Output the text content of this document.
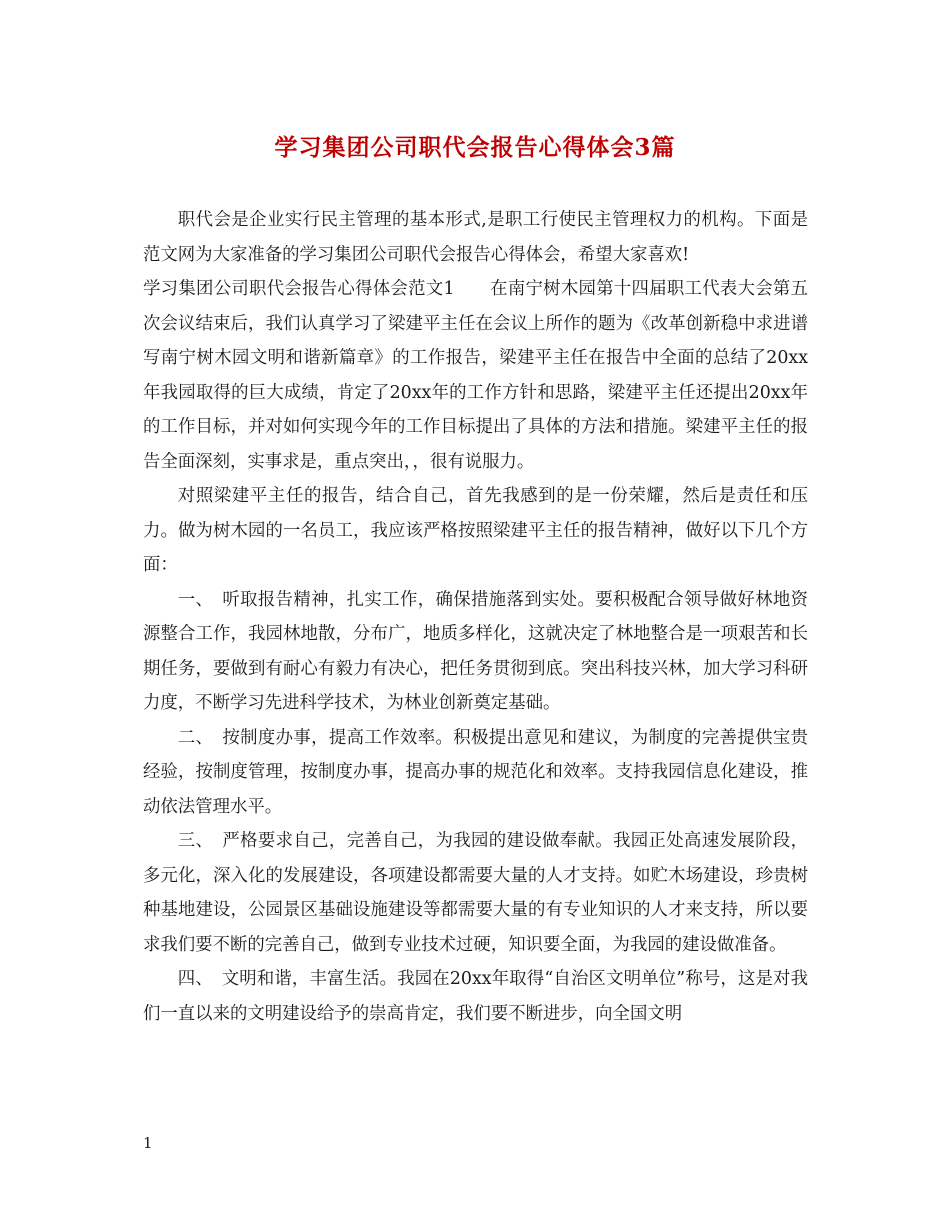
学习集团公司职代会报告心得体会3篇

职代会是企业实行民主管理的基本形式,是职工行使民主管理权力的机构。下面是范文网为大家准备的学习集团公司职代会报告心得体会，希望大家喜欢!

学习集团公司职代会报告心得体会范文1　　在南宁树木园第十四届职工代表大会第五次会议结束后，我们认真学习了梁建平主任在会议上所作的题为《改革创新稳中求进谱写南宁树木园文明和谐新篇章》的工作报告，梁建平主任在报告中全面的总结了20xx年我园取得的巨大成绩，肯定了20xx年的工作方针和思路，梁建平主任还提出20xx年的工作目标，并对如何实现今年的工作目标提出了具体的方法和措施。梁建平主任的报告全面深刻，实事求是，重点突出，，很有说服力。

对照梁建平主任的报告，结合自己，首先我感到的是一份荣耀，然后是责任和压力。做为树木园的一名员工，我应该严格按照梁建平主任的报告精神，做好以下几个方面：

一、　听取报告精神，扎实工作，确保措施落到实处。要积极配合领导做好林地资源整合工作，我园林地散，分布广，地质多样化，这就决定了林地整合是一项艰苦和长期任务，要做到有耐心有毅力有决心，把任务贯彻到底。突出科技兴林，加大学习科研力度，不断学习先进科学技术，为林业创新奠定基础。

二、　按制度办事，提高工作效率。积极提出意见和建议，为制度的完善提供宝贵经验，按制度管理，按制度办事，提高办事的规范化和效率。支持我园信息化建设，推动依法管理水平。

三、　严格要求自己，完善自己，为我园的建设做奉献。我园正处高速发展阶段，多元化，深入化的发展建设，各项建设都需要大量的人才支持。如贮木场建设，珍贵树种基地建设，公园景区基础设施建设等都需要大量的有专业知识的人才来支持，所以要求我们要不断的完善自己，做到专业技术过硬，知识要全面，为我园的建设做准备。

四、　文明和谐，丰富生活。我园在20xx年取得“自治区文明单位”称号，这是对我们一直以来的文明建设给予的崇高肯定，我们要不断进步，向全国文明

1
